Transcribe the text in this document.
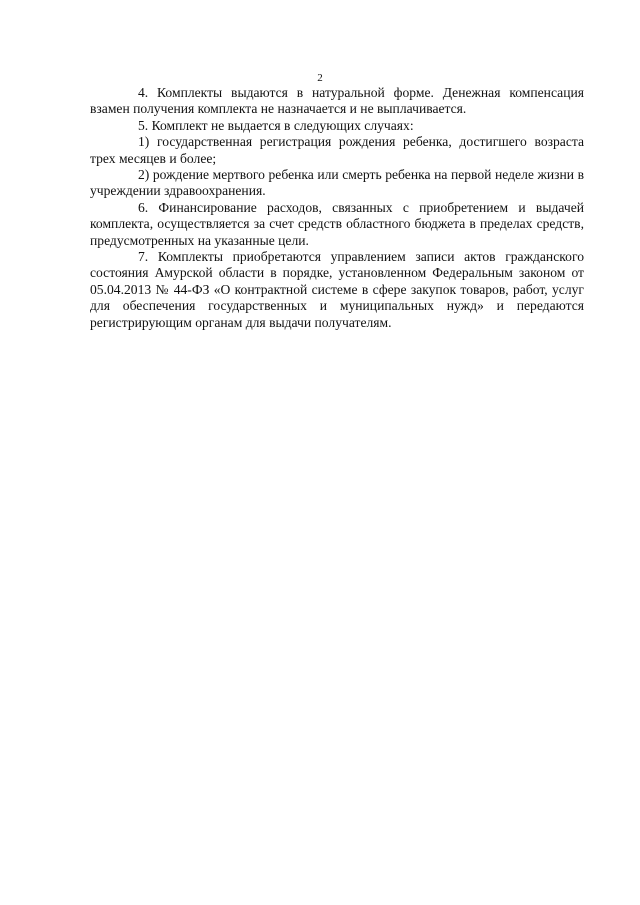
2

4. Комплекты выдаются в натуральной форме. Денежная компенсация взамен получения комплекта не назначается и не выплачивается.

5. Комплект не выдается в следующих случаях:

1) государственная регистрация рождения ребенка, достигшего возраста трех месяцев и более;

2) рождение мертвого ребенка или смерть ребенка на первой неделе жизни в учреждении здравоохранения.

6. Финансирование расходов, связанных с приобретением и выдачей комплекта, осуществляется за счет средств областного бюджета в пределах средств, предусмотренных на указанные цели.

7. Комплекты приобретаются управлением записи актов гражданского состояния Амурской области в порядке, установленном Федеральным законом от 05.04.2013 № 44-ФЗ «О контрактной системе в сфере закупок товаров, работ, услуг для обеспечения государственных и муниципальных нужд» и передаются регистрирующим органам для выдачи получателям.
